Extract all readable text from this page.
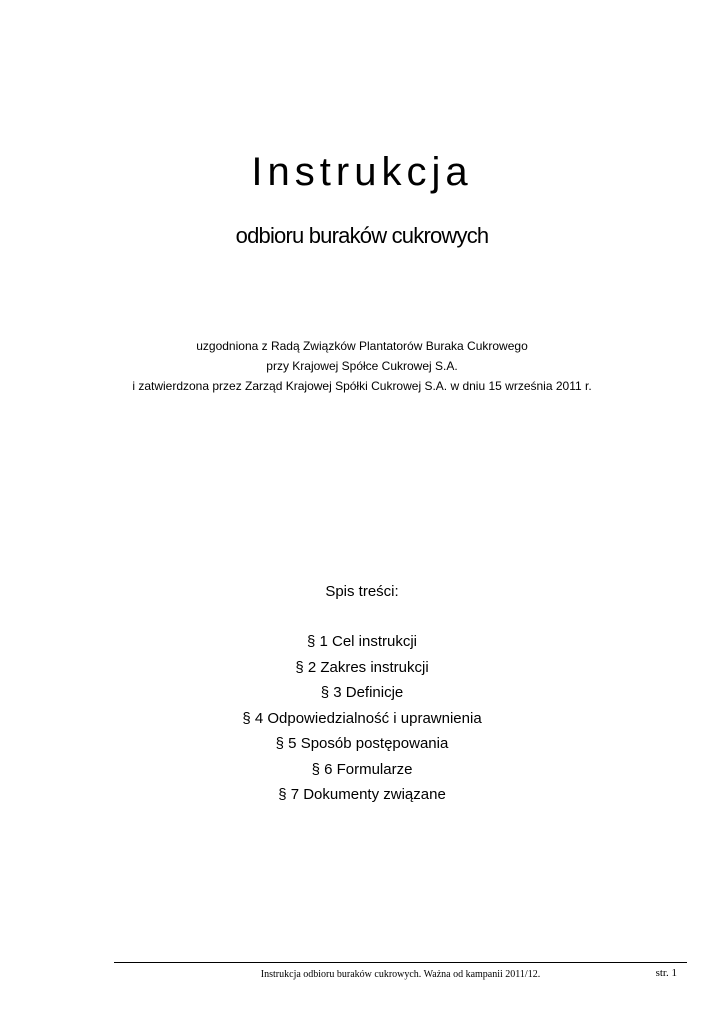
Instrukcja
odbioru buraków cukrowych
uzgodniona z Radą Związków Plantatorów Buraka Cukrowego
przy Krajowej Spółce Cukrowej S.A.
i zatwierdzona przez Zarząd Krajowej Spółki Cukrowej S.A. w dniu 15 września 2011 r.
Spis treści:
§ 1 Cel instrukcji
§ 2 Zakres instrukcji
§ 3 Definicje
§ 4 Odpowiedzialność i uprawnienia
§ 5 Sposób postępowania
§ 6 Formularze
§ 7 Dokumenty związane
Instrukcja odbioru buraków cukrowych. Ważna od kampanii 2011/12.	str. 1
